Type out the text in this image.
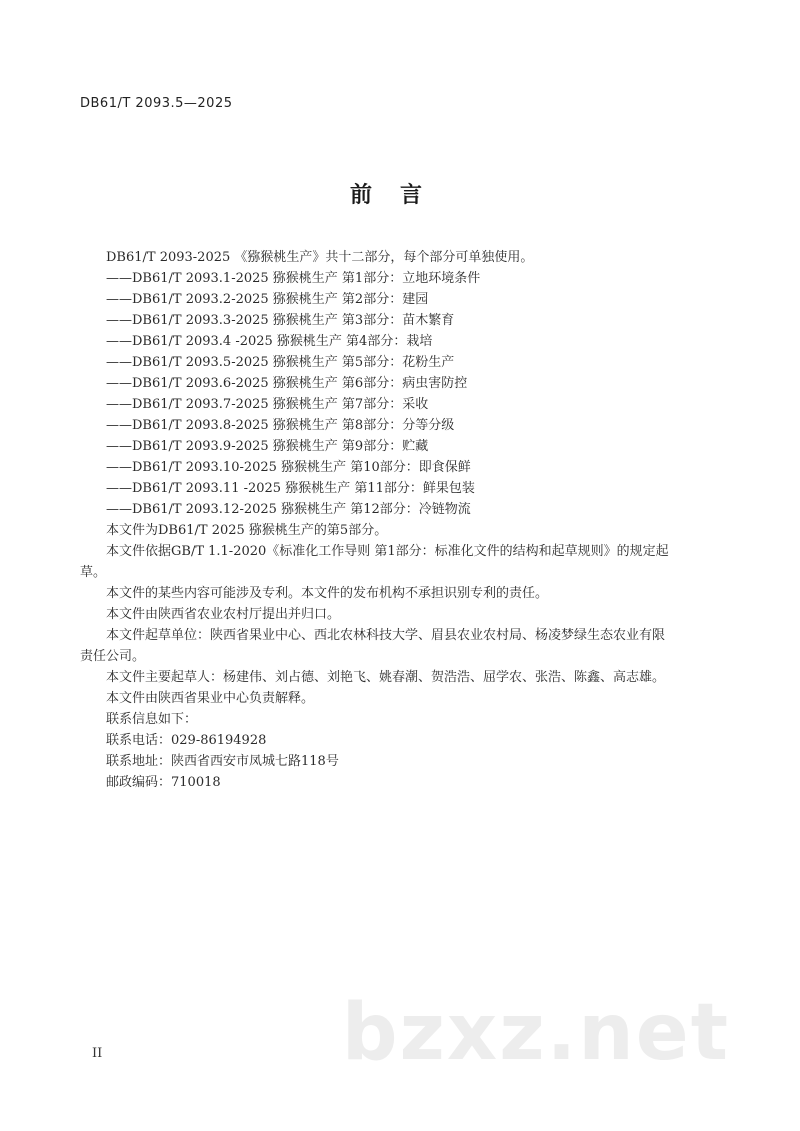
DB61/T 2093.5—2025
前言

DB61/T 2093-2025 《猕猴桃生产》共十二部分，每个部分可单独使用。

——DB61/T 2093.1-2025 猕猴桃生产 第1部分：立地环境条件
——DB61/T 2093.2-2025 猕猴桃生产 第2部分：建园
——DB61/T 2093.3-2025 猕猴桃生产 第3部分：苗木繁育
——DB61/T 2093.4 -2025 猕猴桃生产 第4部分：栽培
——DB61/T 2093.5-2025 猕猴桃生产 第5部分：花粉生产
——DB61/T 2093.6-2025 猕猴桃生产 第6部分：病虫害防控
——DB61/T 2093.7-2025 猕猴桃生产 第7部分：采收
——DB61/T 2093.8-2025 猕猴桃生产 第8部分：分等分级
——DB61/T 2093.9-2025 猕猴桃生产 第9部分：贮藏
——DB61/T 2093.10-2025 猕猴桃生产 第10部分：即食保鲜
——DB61/T 2093.11 -2025 猕猴桃生产 第11部分：鲜果包装
——DB61/T 2093.12-2025 猕猴桃生产 第12部分：冷链物流

本文件为DB61/T 2025 猕猴桃生产的第5部分。

本文件依据GB/T 1.1-2020《标准化工作导则 第1部分：标准化文件的结构和起草规则》的规定起
草。

本文件的某些内容可能涉及专利。本文件的发布机构不承担识别专利的责任。

本文件由陕西省农业农村厅提出并归口。

本文件起草单位：陕西省果业中心、西北农林科技大学、眉县农业农村局、杨凌梦绿生态农业有限
责任公司。

本文件主要起草人：杨建伟、刘占德、刘艳飞、姚春潮、贺浩浩、屈学农、张浩、陈鑫、高志雄。

本文件由陕西省果业中心负责解释。

联系信息如下：

联系电话：029-86194928

联系地址：陕西省西安市凤城七路118号

邮政编码：710018

II	bzxz.net
